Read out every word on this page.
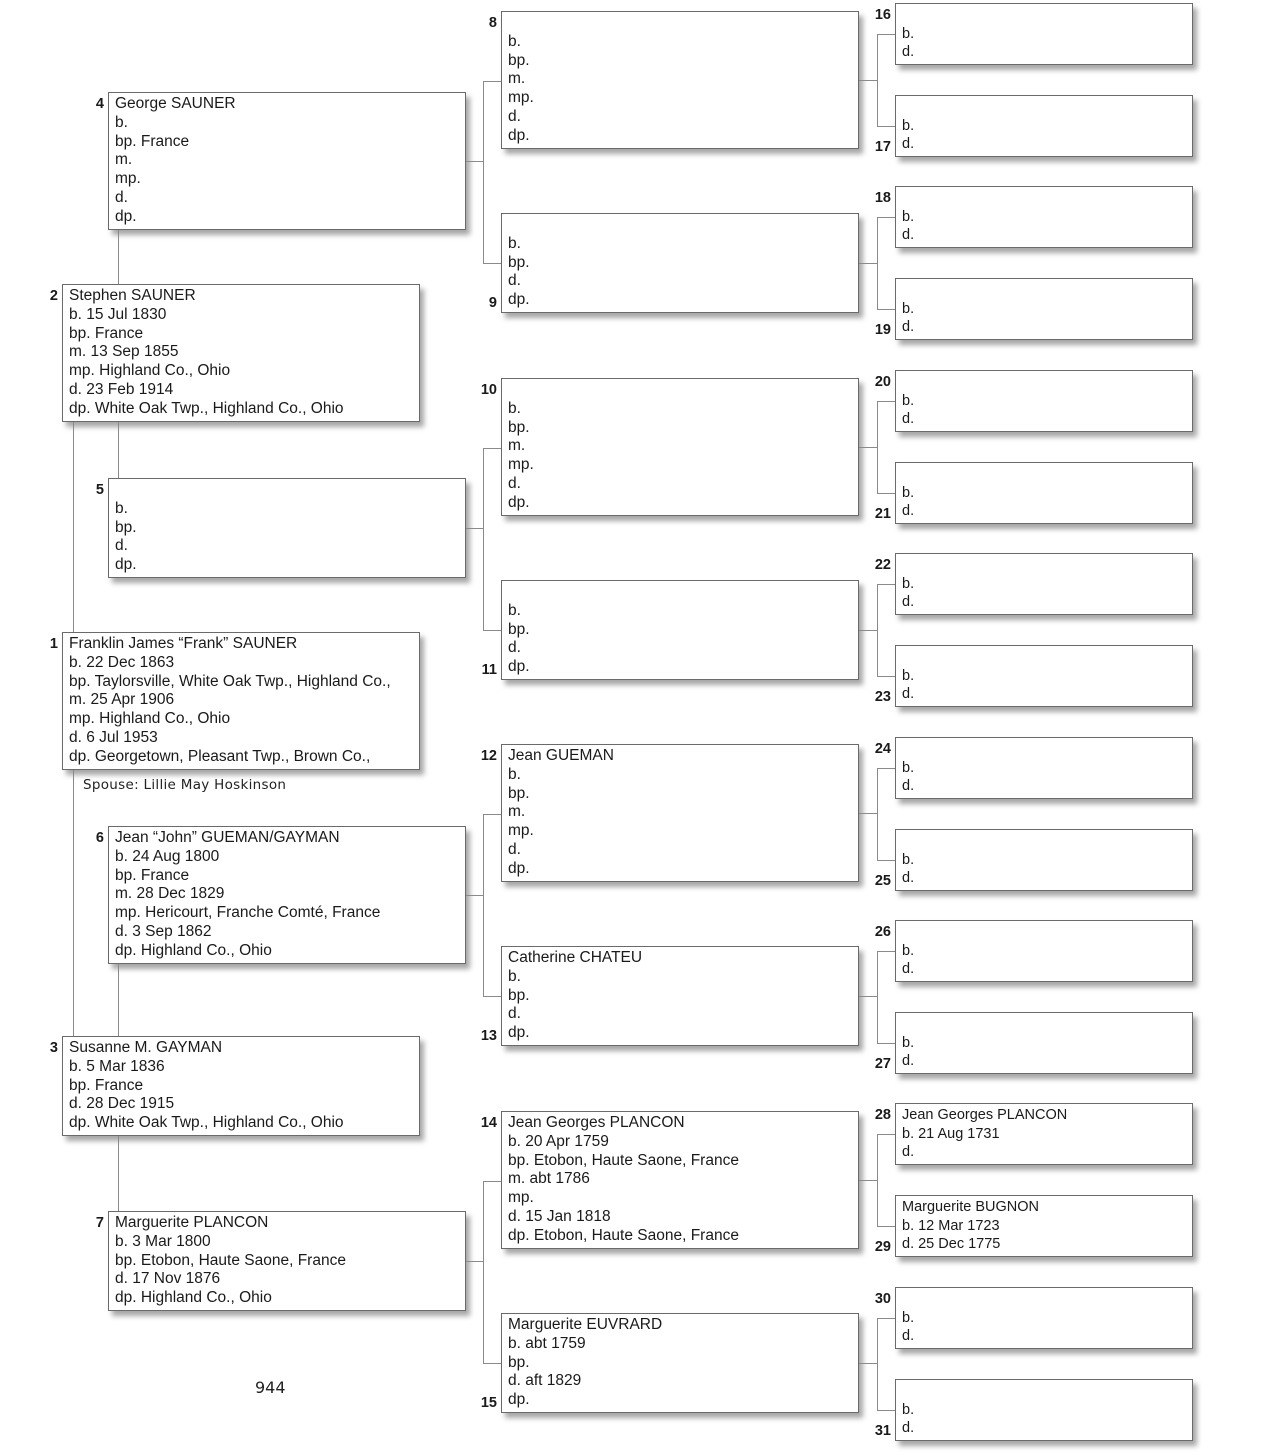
Franklin James “Frank” SAUNER
b. 22 Dec 1863
bp. Taylorsville, White Oak Twp., Highland Co.,
m. 25 Apr 1906
mp. Highland Co., Ohio
d. 6 Jul 1953
dp. Georgetown, Pleasant Twp., Brown Co.,
1
Stephen SAUNER
b. 15 Jul 1830
bp. France
m. 13 Sep 1855
mp. Highland Co., Ohio
d. 23 Feb 1914
dp. White Oak Twp., Highland Co., Ohio
2
Susanne M. GAYMAN
b. 5 Mar 1836
bp. France
d. 28 Dec 1915
dp. White Oak Twp., Highland Co., Ohio
3
George SAUNER
b.
bp. France
m.
mp.
d.
dp.
4
b.
bp.
d.
dp.
5
Jean “John” GUEMAN/GAYMAN
b. 24 Aug 1800
bp. France
m. 28 Dec 1829
mp. Hericourt, Franche Comté, France
d. 3 Sep 1862
dp. Highland Co., Ohio
6
Marguerite PLANCON
b. 3 Mar 1800
bp. Etobon, Haute Saone, France
d. 17 Nov 1876
dp. Highland Co., Ohio
7
b.
bp.
m.
mp.
d.
dp.
8
b.
bp.
d.
dp.
9
b.
bp.
m.
mp.
d.
dp.
10
b.
bp.
d.
dp.
11
Jean GUEMAN
b.
bp.
m.
mp.
d.
dp.
12
Catherine CHATEU
b.
bp.
d.
dp.
13
Jean Georges PLANCON
b. 20 Apr 1759
bp. Etobon, Haute Saone, France
m. abt 1786
mp.
d. 15 Jan 1818
dp. Etobon, Haute Saone, France
14
Marguerite EUVRARD
b. abt 1759
bp.
d. aft 1829
dp.
15
b.
d.
16
b.
d.
17
b.
d.
18
b.
d.
19
b.
d.
20
b.
d.
21
b.
d.
22
b.
d.
23
b.
d.
24
b.
d.
25
b.
d.
26
b.
d.
27
Jean Georges PLANCON
b. 21 Aug 1731
d.
28
Marguerite BUGNON
b. 12 Mar 1723
d. 25 Dec 1775
29
b.
d.
30
b.
d.
31
Spouse: Lillie May Hoskinson
944
